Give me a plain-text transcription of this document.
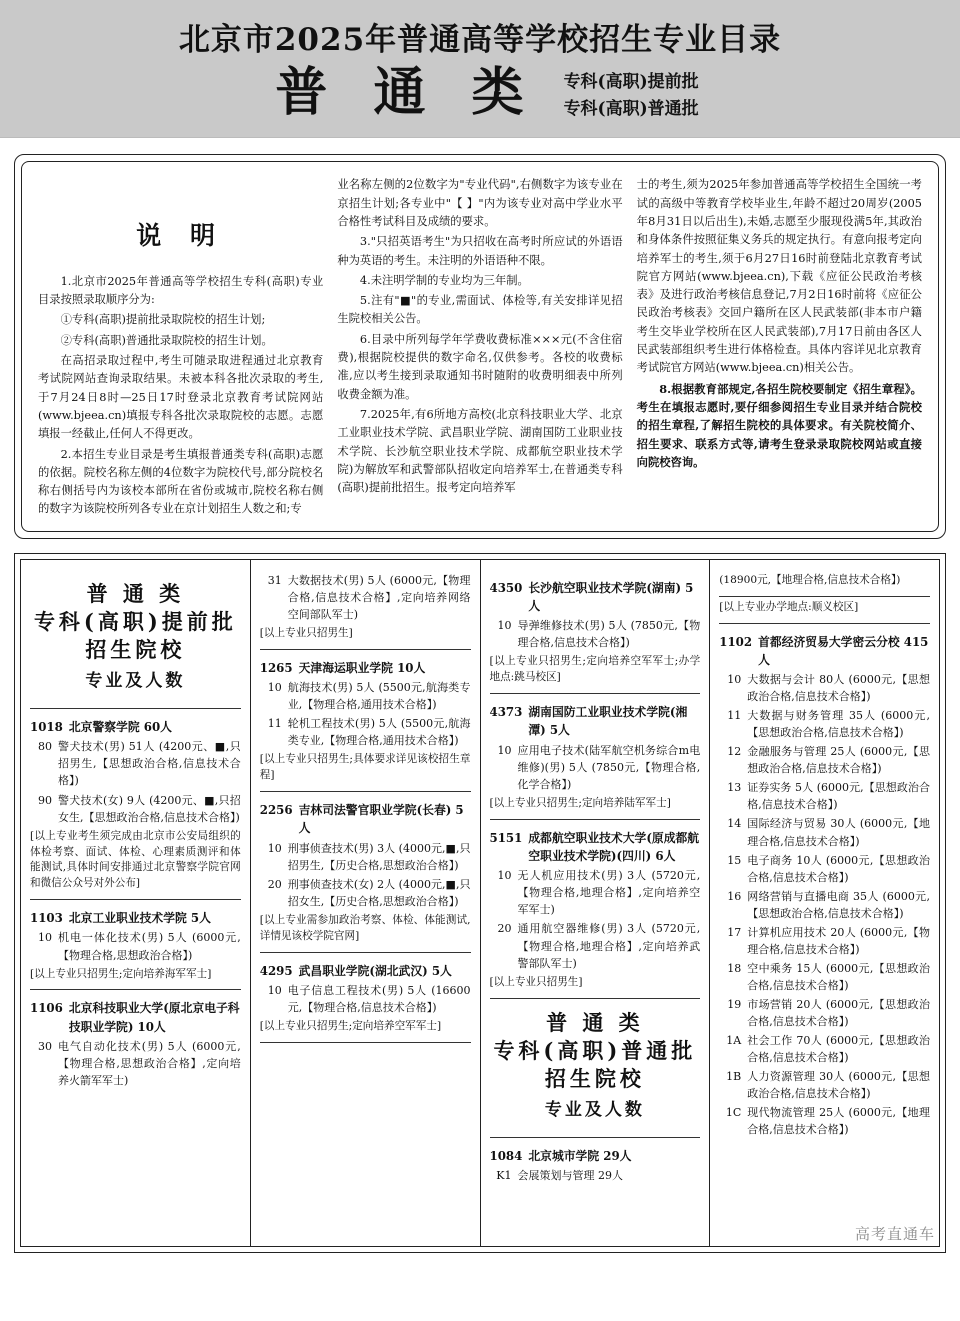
北京市2025年普通高等学校招生专业目录
普 通 类 专科(高职)提前批
专科(高职)普通批
说 明

1.北京市2025年普通高等学校招生专科(高职)专业目录按照录取顺序分为:

①专科(高职)提前批录取院校的招生计划;

②专科(高职)普通批录取院校的招生计划。

在高招录取过程中,考生可随录取进程通过北京教育考试院网站查询录取结果。未被本科各批次录取的考生,于7月24日8时—25日17时登录北京教育考试院网站(www.bjeea.cn)填报专科各批次录取院校的志愿。志愿填报一经截止,任何人不得更改。

2.本招生专业目录是考生填报普通类专科(高职)志愿的依据。院校名称左侧的4位数字为院校代号,部分院校名称右侧括号内为该校本部所在省份或城市,院校名称右侧的数字为该院校所列各专业在京计划招生人数之和;专

业名称左侧的2位数字为"专业代码",右侧数字为该专业在京招生计划;各专业中"【 】"内为该专业对高中学业水平合格性考试科目及成绩的要求。

3."只招英语考生"为只招收在高考时所应试的外语语种为英语的考生。未注明的外语语种不限。

4.未注明学制的专业均为三年制。

5.注有"■"的专业,需面试、体检等,有关安排详见招生院校相关公告。

6.目录中所列每学年学费收费标准×××元(不含住宿费),根据院校提供的数字命名,仅供参考。各校的收费标准,应以考生接到录取通知书时随附的收费明细表中所列收费金额为准。

7.2025年,有6所地方高校(北京科技职业大学、北京工业职业技术学院、武昌职业学院、湖南国防工业职业技术学院、长沙航空职业技术学院、成都航空职业技术学院)为解放军和武警部队招收定向培养军士,在普通类专科(高职)提前批招生。报考定向培养军

士的考生,须为2025年参加普通高等学校招生全国统一考试的高级中等教育学校毕业生,年龄不超过20周岁(2005年8月31日以后出生),未婚,志愿至少服现役满5年,其政治和身体条件按照征集义务兵的规定执行。有意向报考定向培养军士的考生,须于6月27日16时前登陆北京教育考试院官方网站(www.bjeea.cn),下载《应征公民政治考核表》及进行政治考核信息登记,7月2日16时前将《应征公民政治考核表》交回户籍所在区人民武装部(非本市户籍考生交毕业学校所在区人民武装部),7月17日前由各区人民武装部组织考生进行体格检查。具体内容详见北京教育考试院官方网站(www.bjeea.cn)相关公告。

8.根据教育部规定,各招生院校要制定《招生章程》。考生在填报志愿时,要仔细参阅招生专业目录并结合院校的招生章程,了解招生院校的具体要求。有关院校简介、招生要求、联系方式等,请考生登录录取院校网站或直接向院校咨询。

普 通 类
专科(高职)提前批
招生院校
专业及人数
1018 北京警察学院 60人
80 警犬技术(男) 51人 (4200元、■,只招男生,【思想政治合格,信息技术合格】)
90 警犬技术(女) 9人 (4200元、■,只招女生,【思想政治合格,信息技术合格】)
[以上专业考生须完成由北京市公安局组织的体检考察、面试、体检、心理素质测评和体能测试,具体时间安排通过北京警察学院官网和微信公众号对外公布]
1103 北京工业职业技术学院 5人
10 机电一体化技术(男) 5人 (6000元,【物理合格,思想政治合格】)
[以上专业只招男生;定向培养海军军士]
1106 北京科技职业大学(原北京电子科技职业学院) 10人
30 电气自动化技术(男) 5人 (6000元,【物理合格,思想政治合格】,定向培养火箭军军士)
31 大数据技术(男) 5人 (6000元,【物理合格,信息技术合格】,定向培养网络空间部队军士)
[以上专业只招男生]
1265 天津海运职业学院 10人
10 航海技术(男) 5人 (5500元,航海类专业,【物理合格,通用技术合格】)
11 轮机工程技术(男) 5人 (5500元,航海类专业,【物理合格,通用技术合格】)
[以上专业只招男生;具体要求详见该校招生章程]
2256 吉林司法警官职业学院(长春) 5人
10 刑事侦查技术(男) 3人 (4000元,■,只招男生,【历史合格,思想政治合格】)
20 刑事侦查技术(女) 2人 (4000元,■,只招女生,【历史合格,思想政治合格】)
[以上专业需参加政治考察、体检、体能测试,详情见该校学院官网]
4295 武昌职业学院(湖北武汉) 5人
10 电子信息工程技术(男) 5人 (16600元,【物理合格,信息技术合格】)
[以上专业只招男生;定向培养空军军士]
4350 长沙航空职业技术学院(湖南) 5人
10 导弹维修技术(男) 5人 (7850元,【物理合格,信息技术合格】)
[以上专业只招男生;定向培养空军军士;办学地点:跳马校区]
4373 湖南国防工业职业技术学院(湘潭) 5人
10 应用电子技术(陆军航空机务综合m电维修)(男) 5人 (7850元,【物理合格,化学合格】)
[以上专业只招男生;定向培养陆军军士]
5151 成都航空职业技术大学(原成都航空职业技术学院)(四川) 6人
10 无人机应用技术(男) 3人 (5720元,【物理合格,地理合格】,定向培养空军军士)
20 通用航空器维修(男) 3人 (5720元,【物理合格,地理合格】,定向培养武警部队军士)
[以上专业只招男生]
普 通 类
专科(高职)普通批
招生院校
专业及人数
1084 北京城市学院 29人
K1 会展策划与管理 29人
(18900元,【地理合格,信息技术合格】)
[以上专业办学地点:顺义校区]
1102 首都经济贸易大学密云分校 415人
10 大数据与会计 80人 (6000元,【思想政治合格,信息技术合格】)
11 大数据与财务管理 35人 (6000元,【思想政治合格,信息技术合格】)
12 金融服务与管理 25人 (6000元,【思想政治合格,信息技术合格】)
13 证券实务 5人 (6000元,【思想政治合格,信息技术合格】)
14 国际经济与贸易 30人 (6000元,【地理合格,信息技术合格】)
15 电子商务 10人 (6000元,【思想政治合格,信息技术合格】)
16 网络营销与直播电商 35人 (6000元,【思想政治合格,信息技术合格】)
17 计算机应用技术 20人 (6000元,【物理合格,信息技术合格】)
18 空中乘务 15人 (6000元,【思想政治合格,信息技术合格】)
19 市场营销 20人 (6000元,【思想政治合格,信息技术合格】)
1A 社会工作 70人 (6000元,【思想政治合格,信息技术合格】)
1B 人力资源管理 30人 (6000元,【思想政治合格,信息技术合格】)
1C 现代物流管理 25人 (6000元,【地理合格,信息技术合格】)
高考直通车
